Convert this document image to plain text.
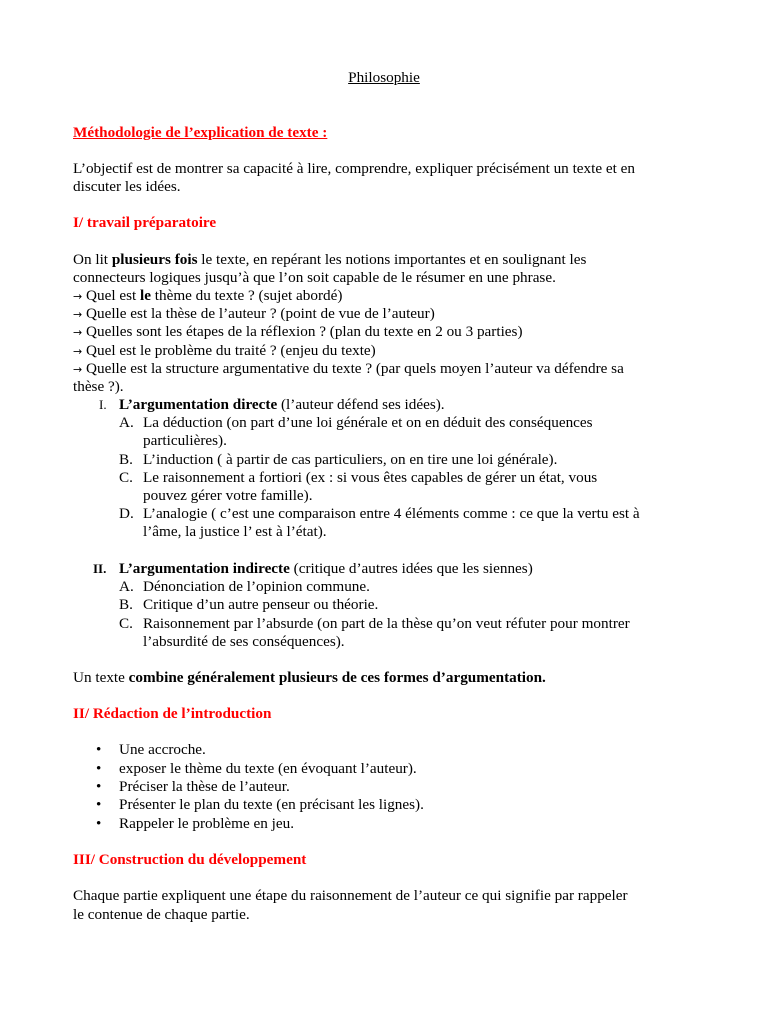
Philosophie
Méthodologie de l’explication de texte :
L’objectif est de montrer sa capacité à lire, comprendre, expliquer précisément un texte et en
discuter les idées.
I/ travail préparatoire
On lit plusieurs fois le texte, en repérant les notions importantes et en soulignant les
connecteurs logiques jusqu’à que l’on soit capable de le résumer en une phrase.
→ Quel est le thème du texte ? (sujet abordé)
→ Quelle est la thèse de l’auteur ? (point de vue de l’auteur)
→ Quelles sont les étapes de la réflexion ? (plan du texte en 2 ou 3 parties)
→ Quel est le problème du traité ? (enjeu du texte)
→ Quelle est la structure argumentative du texte ? (par quels moyen l’auteur va défendre sa
thèse ?).
I. L’argumentation directe (l’auteur défend ses idées).
A. La déduction (on part d’une loi générale et on en déduit des conséquences
particulières).
B. L’induction ( à partir de cas particuliers, on en tire une loi générale).
C. Le raisonnement a fortiori (ex : si vous êtes capables de gérer un état, vous
pouvez gérer votre famille).
D. L’analogie ( c’est une comparaison entre 4 éléments comme : ce que la vertu est à
l’âme, la justice l’ est à l’état).
II. L’argumentation indirecte (critique d’autres idées que les siennes)
A. Dénonciation de l’opinion commune.
B. Critique d’un autre penseur ou théorie.
C. Raisonnement par l’absurde (on part de la thèse qu’on veut réfuter pour montrer
l’absurdité de ses conséquences).
Un texte combine généralement plusieurs de ces formes d’argumentation.
II/ Rédaction de l’introduction
• Une accroche.
• exposer le thème du texte (en évoquant l’auteur).
• Préciser la thèse de l’auteur.
• Présenter le plan du texte (en précisant les lignes).
• Rappeler le problème en jeu.
III/ Construction du développement
Chaque partie expliquent une étape du raisonnement de l’auteur ce qui signifie par rappeler
le contenue de chaque partie.
